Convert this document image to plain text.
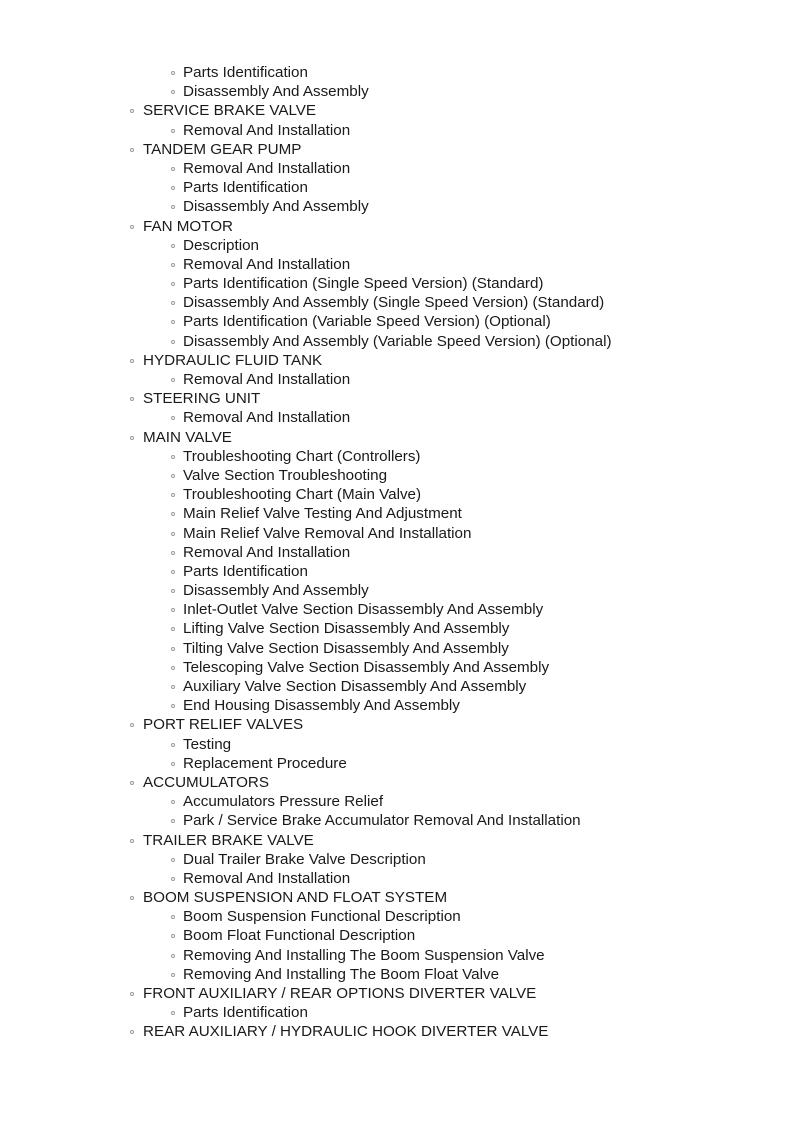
Parts Identification
Disassembly And Assembly
SERVICE BRAKE VALVE
Removal And Installation
TANDEM GEAR PUMP
Removal And Installation
Parts Identification
Disassembly And Assembly
FAN MOTOR
Description
Removal And Installation
Parts Identification (Single Speed Version) (Standard)
Disassembly And Assembly (Single Speed Version) (Standard)
Parts Identification (Variable Speed Version) (Optional)
Disassembly And Assembly (Variable Speed Version) (Optional)
HYDRAULIC FLUID TANK
Removal And Installation
STEERING UNIT
Removal And Installation
MAIN VALVE
Troubleshooting Chart (Controllers)
Valve Section Troubleshooting
Troubleshooting Chart (Main Valve)
Main Relief Valve Testing And Adjustment
Main Relief Valve Removal And Installation
Removal And Installation
Parts Identification
Disassembly And Assembly
Inlet-Outlet Valve Section Disassembly And Assembly
Lifting Valve Section Disassembly And Assembly
Tilting Valve Section Disassembly And Assembly
Telescoping Valve Section Disassembly And Assembly
Auxiliary Valve Section Disassembly And Assembly
End Housing Disassembly And Assembly
PORT RELIEF VALVES
Testing
Replacement Procedure
ACCUMULATORS
Accumulators Pressure Relief
Park / Service Brake Accumulator Removal And Installation
TRAILER BRAKE VALVE
Dual Trailer Brake Valve Description
Removal And Installation
BOOM SUSPENSION AND FLOAT SYSTEM
Boom Suspension Functional Description
Boom Float Functional Description
Removing And Installing The Boom Suspension Valve
Removing And Installing The Boom Float Valve
FRONT AUXILIARY / REAR OPTIONS DIVERTER VALVE
Parts Identification
REAR AUXILIARY / HYDRAULIC HOOK DIVERTER VALVE
